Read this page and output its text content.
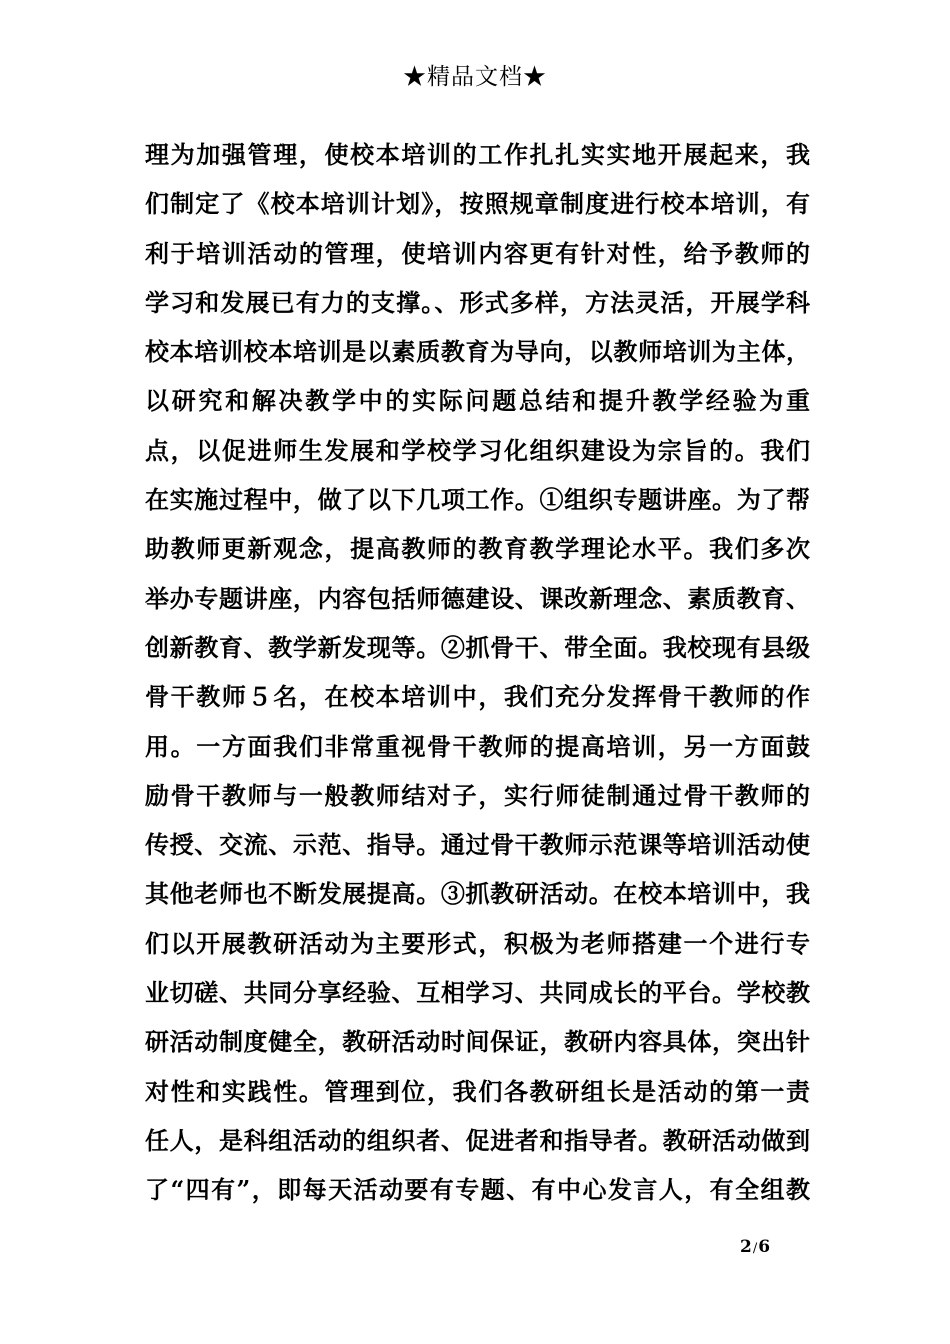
★精品文档★
理为加强管理，使校本培训的工作扎扎实实地开展起来，我
们制定了《校本培训计划》，按照规章制度进行校本培训，有
利于培训活动的管理，使培训内容更有针对性，给予教师的
学习和发展已有力的支撑。、形式多样，方法灵活，开展学科
校本培训校本培训是以素质教育为导向，以教师培训为主体，
以研究和解决教学中的实际问题总结和提升教学经验为重
点，以促进师生发展和学校学习化组织建设为宗旨的。我们
在实施过程中，做了以下几项工作。①组织专题讲座。为了帮
助教师更新观念，提高教师的教育教学理论水平。我们多次
举办专题讲座，内容包括师德建设、课改新理念、素质教育、
创新教育、教学新发现等。②抓骨干、带全面。我校现有县级
骨干教师５名，在校本培训中，我们充分发挥骨干教师的作
用。一方面我们非常重视骨干教师的提高培训，另一方面鼓
励骨干教师与一般教师结对子，实行师徒制通过骨干教师的
传授、交流、示范、指导。通过骨干教师示范课等培训活动使
其他老师也不断发展提高。③抓教研活动。在校本培训中，我
们以开展教研活动为主要形式，积极为老师搭建一个进行专
业切磋、共同分享经验、互相学习、共同成长的平台。学校教
研活动制度健全，教研活动时间保证，教研内容具体，突出针
对性和实践性。管理到位，我们各教研组长是活动的第一责
任人，是科组活动的组织者、促进者和指导者。教研活动做到
了“四有”，即每天活动要有专题、有中心发言人，有全组教
2/6
